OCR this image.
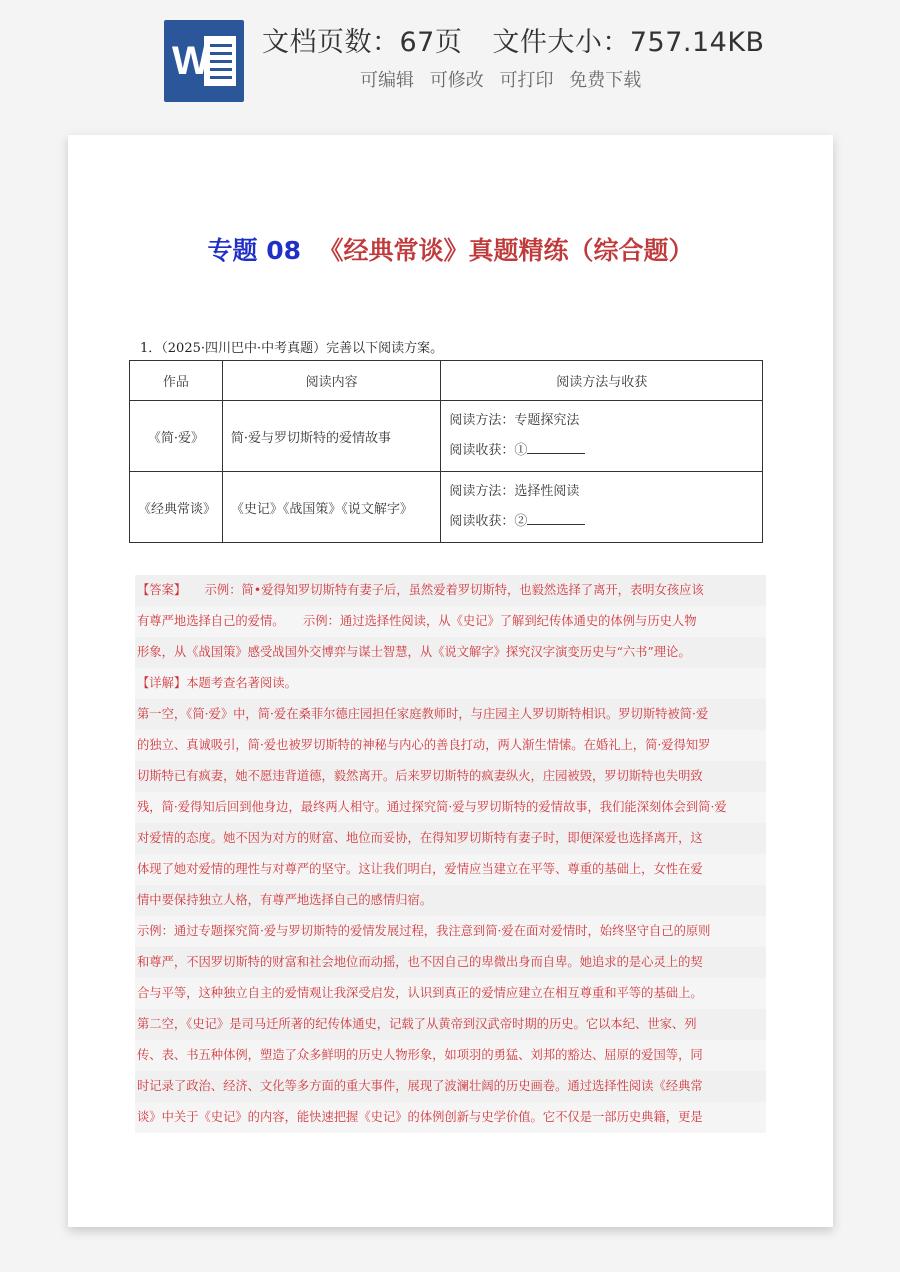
W 文档页数：67页 文件大小：757.14KB
可编辑 可修改 可打印 免费下载
专题 08 《经典常谈》真题精练（综合题）
1．（2025·四川巴中·中考真题）完善以下阅读方案。
作品	阅读内容	阅读方法与收获
《简·爱》	简·爱与罗切斯特的爱情故事	阅读方法：专题探究法
阅读收获：①

《经典常谈》	《史记》《战国策》《说文解字》	阅读方法：选择性阅读
阅读收获：②
【答案】　　示例：简•爱得知罗切斯特有妻子后，虽然爱着罗切斯特，也毅然选择了离开，表明女孩应该
有尊严地选择自己的爱情。　　示例：通过选择性阅读，从《史记》了解到纪传体通史的体例与历史人物
形象，从《战国策》感受战国外交博弈与谋士智慧，从《说文解字》探究汉字演变历史与“六书”理论。
【详解】本题考查名著阅读。
第一空，《简·爱》中，简·爱在桑菲尔德庄园担任家庭教师时，与庄园主人罗切斯特相识。罗切斯特被简·爱
的独立、真诚吸引，简·爱也被罗切斯特的神秘与内心的善良打动，两人渐生情愫。在婚礼上，简·爱得知罗
切斯特已有疯妻，她不愿违背道德，毅然离开。后来罗切斯特的疯妻纵火，庄园被毁，罗切斯特也失明致
残，简·爱得知后回到他身边，最终两人相守。通过探究简·爱与罗切斯特的爱情故事，我们能深刻体会到简·爱
对爱情的态度。她不因为对方的财富、地位而妥协，在得知罗切斯特有妻子时，即便深爱也选择离开，这
体现了她对爱情的理性与对尊严的坚守。这让我们明白，爱情应当建立在平等、尊重的基础上，女性在爱
情中要保持独立人格，有尊严地选择自己的感情归宿。
示例：通过专题探究简·爱与罗切斯特的爱情发展过程，我注意到简·爱在面对爱情时，始终坚守自己的原则
和尊严，不因罗切斯特的财富和社会地位而动摇，也不因自己的卑微出身而自卑。她追求的是心灵上的契
合与平等，这种独立自主的爱情观让我深受启发，认识到真正的爱情应建立在相互尊重和平等的基础上。
第二空，《史记》是司马迁所著的纪传体通史，记载了从黄帝到汉武帝时期的历史。它以本纪、世家、列
传、表、书五种体例，塑造了众多鲜明的历史人物形象，如项羽的勇猛、刘邦的豁达、屈原的爱国等，同
时记录了政治、经济、文化等多方面的重大事件，展现了波澜壮阔的历史画卷。通过选择性阅读《经典常
谈》中关于《史记》的内容，能快速把握《史记》的体例创新与史学价值。它不仅是一部历史典籍，更是
